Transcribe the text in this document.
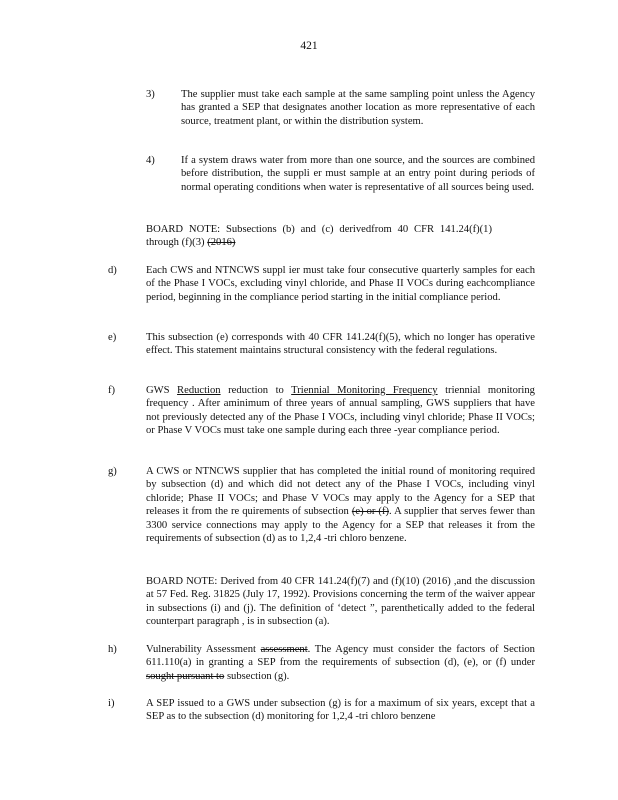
421
3) The supplier must take each sample at the same sampling point unless the Agency has granted a SEP that designates another location as more representative of each source, treatment plant, or within the distribution system.
4) If a system draws water from more than one source, and the sources are combined before distribution, the suppli er must sample at an entry point during periods of normal operating conditions when water is representative of all sources being used.
BOARD NOTE: Subsections (b) and (c) derivedfrom 40 CFR 141.24(f)(1) through (f)(3) (2016)
d)	Each CWS and NTNCWS suppl ier must take four consecutive quarterly samples for each of the Phase I VOCs, excluding vinyl chloride, and Phase II VOCs during eachcompliance period, beginning in the compliance period starting in the initial compliance period.
e)	This subsection (e) corresponds with 40 CFR 141.24(f)(5), which no longer has operative effect. This statement maintains structural consistency with the federal regulations.
f)	GWS Reduction reduction to Triennial Monitoring Frequency triennial monitoring frequency . After aminimum of three years of annual sampling, GWS suppliers that have not previously detected any of the Phase I VOCs, including vinyl chloride; Phase II VOCs; or Phase V VOCs must take one sample during each three -year compliance period.
g)	A CWS or NTNCWS supplier that has completed the initial round of monitoring required by subsection (d) and which did not detect any of the Phase I VOCs, including vinyl chloride; Phase II VOCs; and Phase V VOCs may apply to the Agency for a SEP that releases it from the re quirements of subsection (e) or (f). A supplier that serves fewer than 3300 service connections may apply to the Agency for a SEP that releases it from the requirements of subsection (d) as to 1,2,4 -tri chloro benzene.
BOARD NOTE: Derived from 40 CFR 141.24(f)(7) and (f)(10) (2016) ,and the discussion at 57 Fed. Reg. 31825 (July 17, 1992). Provisions concerning the term of the waiver appear in subsections (i) and (j). The definition of ‘detect ”, parenthetically added to the federal counterpart paragraph , is in subsection (a).
h)	Vulnerability Assessment assessment. The Agency must consider the factors of Section 611.110(a) in granting a SEP from the requirements of subsection (d), (e), or (f) under sought pursuant to subsection (g).
i)	A SEP issued to a GWS under subsection (g) is for a maximum of six years, except that a SEP as to the subsection (d) monitoring for 1,2,4 -tri chloro benzene
